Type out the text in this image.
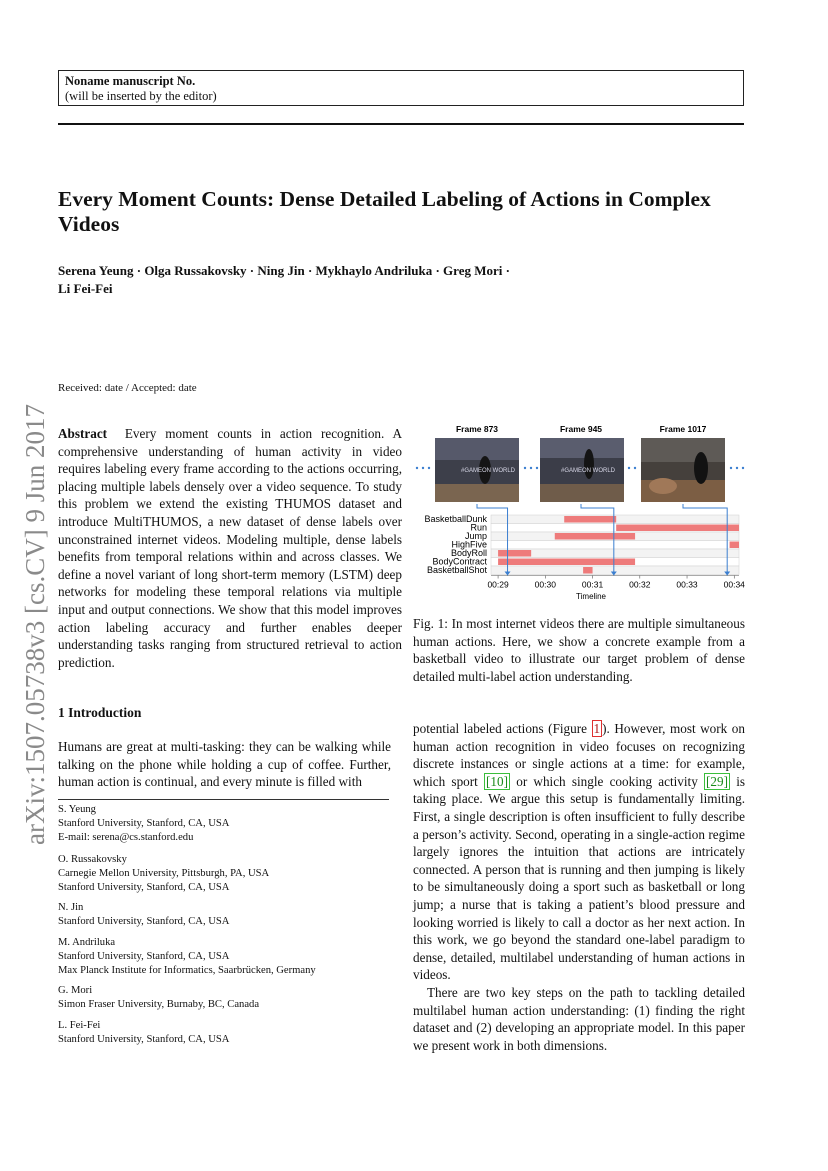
Noname manuscript No.
(will be inserted by the editor)
Every Moment Counts: Dense Detailed Labeling of Actions in Complex Videos
Serena Yeung · Olga Russakovsky · Ning Jin · Mykhaylo Andriluka · Greg Mori ·
Li Fei-Fei
Received: date / Accepted: date
Abstract Every moment counts in action recognition. A comprehensive understanding of human activity in video requires labeling every frame according to the actions occurring, placing multiple labels densely over a video sequence. To study this problem we extend the existing THUMOS dataset and introduce MultiTHUMOS, a new dataset of dense labels over unconstrained internet videos. Modeling multiple, dense labels benefits from temporal relations within and across classes. We define a novel variant of long short-term memory (LSTM) deep networks for modeling these temporal relations via multiple input and output connections. We show that this model improves action labeling accuracy and further enables deeper understanding tasks ranging from structured retrieval to action prediction.
1 Introduction
Humans are great at multi-tasking: they can be walking while talking on the phone while holding a cup of coffee. Further, human action is continual, and every minute is filled with
S. Yeung
Stanford University, Stanford, CA, USA
E-mail: serena@cs.stanford.edu
O. Russakovsky
Carnegie Mellon University, Pittsburgh, PA, USA
Stanford University, Stanford, CA, USA
N. Jin
Stanford University, Stanford, CA, USA
M. Andriluka
Stanford University, Stanford, CA, USA
Max Planck Institute for Informatics, Saarbrücken, Germany
G. Mori
Simon Fraser University, Burnaby, BC, Canada
L. Fei-Fei
Stanford University, Stanford, CA, USA
Frame 873	Frame 945	Frame 1017
#GAMEON WORLD	#GAMEON WORLD
BasketballDunk
Run
Jump
HighFive
BodyRoll
BodyContract
BasketballShot
00:29	00:30	00:31	00:32	00:33	00:34
Timeline
Fig. 1: In most internet videos there are multiple simultaneous human actions. Here, we show a concrete example from a basketball video to illustrate our target problem of dense detailed multi-label action understanding.

potential labeled actions (Figure 1 ). However, most work on human action recognition in video focuses on recognizing discrete instances or single actions at a time: for example, which sport [10] or which single cooking activity [29] is taking place. We argue this setup is fundamentally limiting. First, a single description is often insufficient to fully describe a person’s activity. Second, operating in a single-action regime largely ignores the intuition that actions are intricately connected. A person that is running and then jumping is likely to be simultaneously doing a sport such as basketball or long jump; a nurse that is taking a patient’s blood pressure and looking worried is likely to call a doctor as her next action. In this work, we go beyond the standard one-label paradigm to dense, detailed, multilabel understanding of human actions in videos.

There are two key steps on the path to tackling detailed multilabel human action understanding: (1) finding the right dataset and (2) developing an appropriate model. In this paper we present work in both dimensions.

arXiv:1507.05738v3 [cs.CV] 9 Jun 2017
